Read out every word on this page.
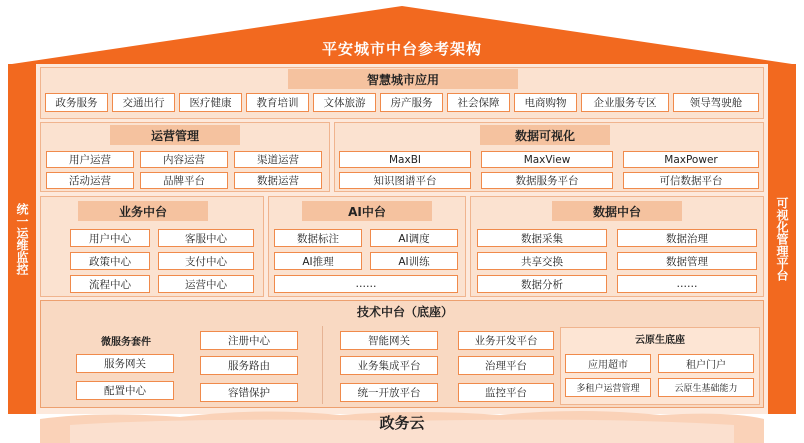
平安城市中台参考架构
统一运维监控	可视化管理平台
智慧城市应用
政务服务	交通出行	医疗健康	教育培训	文体旅游	房产服务	社会保障	电商购物	企业服务专区	领导驾驶舱
运营管理
用户运营	内容运营	渠道运营
活动运营	品牌平台	数据运营
数据可视化
MaxBI	MaxView	MaxPower
知识图谱平台	数据服务平台	可信数据平台
业务中台
用户中心	客服中心
政策中心	支付中心
流程中心	运营中心
AI中台
数据标注	AI调度
AI推理	AI训练
……
数据中台
数据采集	数据治理
共享交换	数据管理
数据分析	……
技术中台（底座）
微服务套件	注册中心
服务网关	服务路由
配置中心	容错保护
智能网关	业务开发平台
业务集成平台	治理平台
统一开放平台	监控平台
云原生底座
应用超市	租户门户
多租户运营管理	云原生基础能力
政务云
